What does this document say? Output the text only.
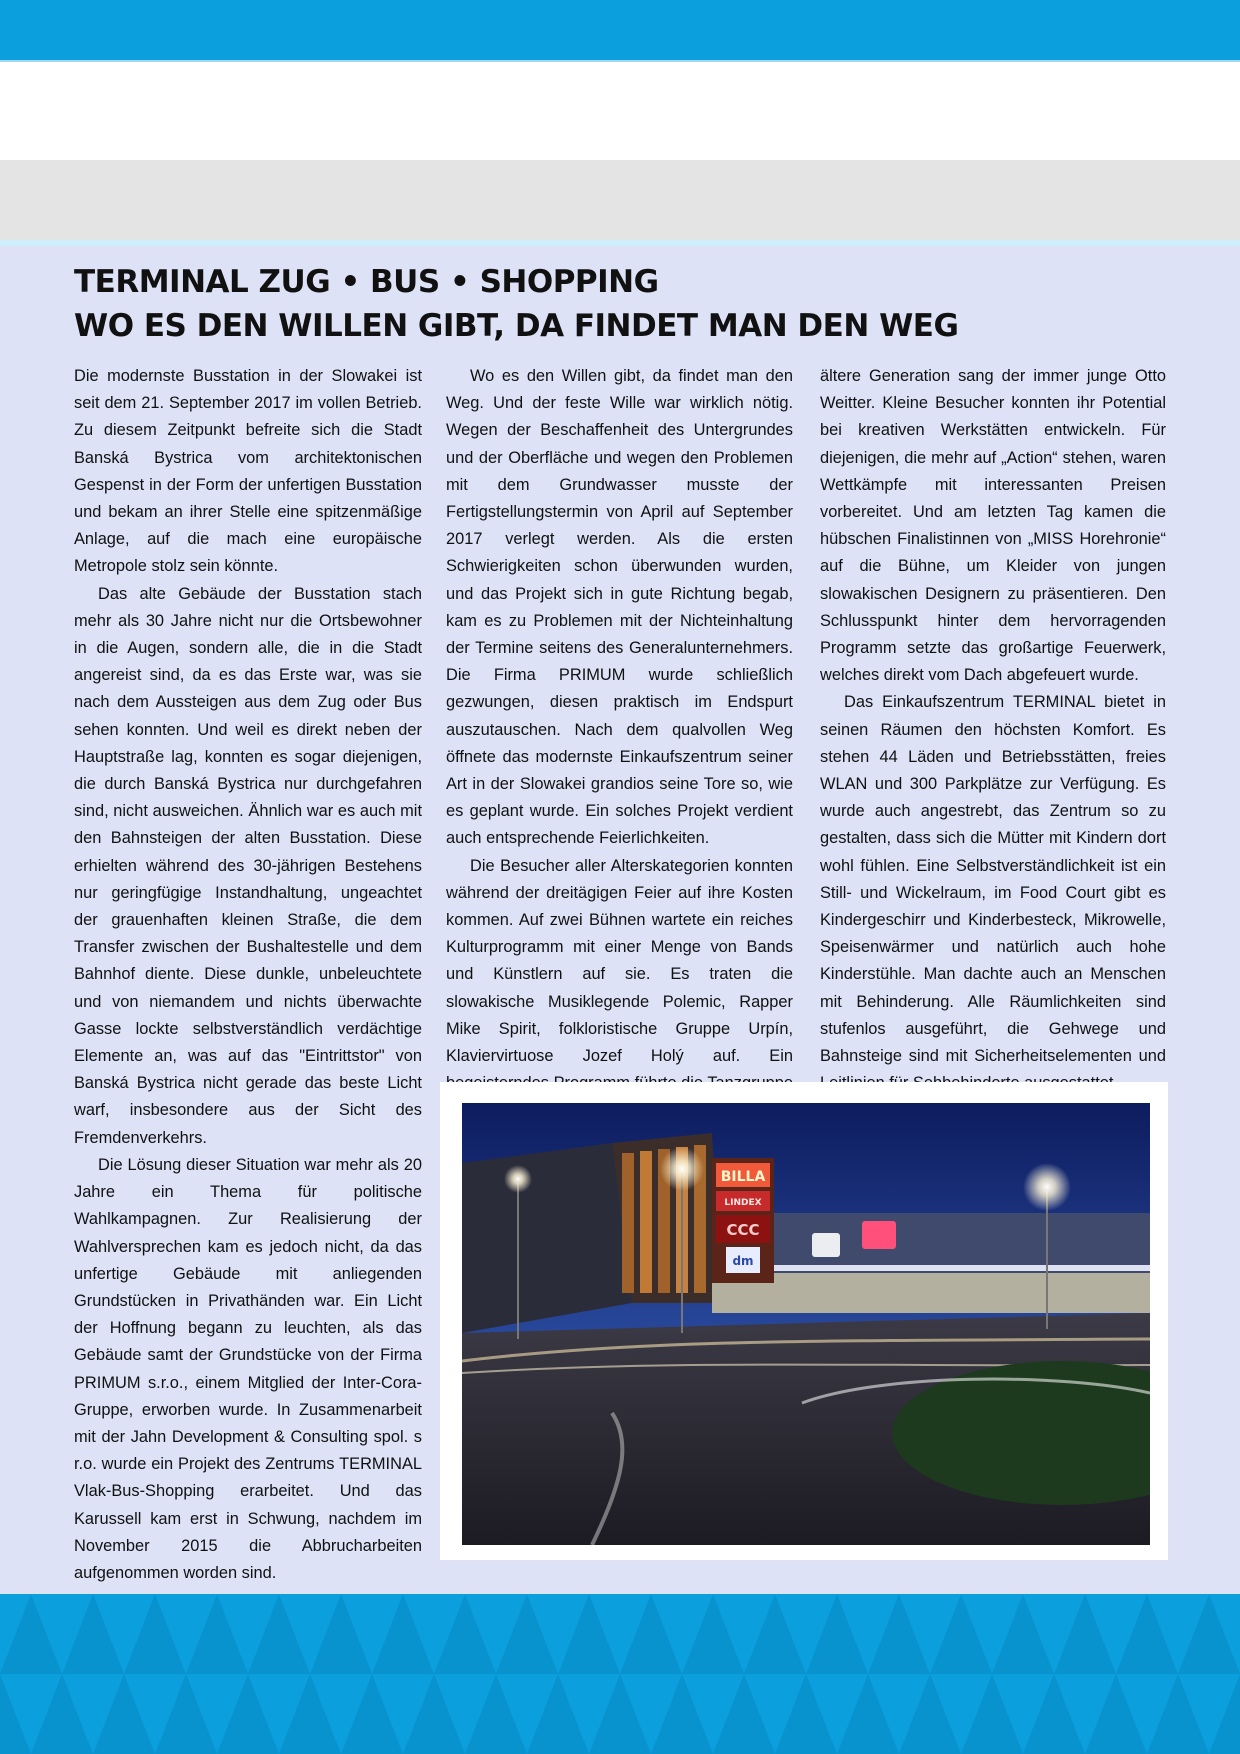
TERMINAL ZUG • BUS • SHOPPING
WO ES DEN WILLEN GIBT, DA FINDET MAN DEN WEG

Die modernste Busstation in der Slowakei ist seit dem 21. September 2017 im vollen Betrieb. Zu diesem Zeitpunkt befreite sich die Stadt Banská Bystrica vom architektonischen Gespenst in der Form der unfertigen Busstation und bekam an ihrer Stelle eine spitzenmäßige Anlage, auf die mach eine europäische Metropole stolz sein könnte.

Das alte Gebäude der Busstation stach mehr als 30 Jahre nicht nur die Ortsbewohner in die Augen, sondern alle, die in die Stadt angereist sind, da es das Erste war, was sie nach dem Aussteigen aus dem Zug oder Bus sehen konnten. Und weil es direkt neben der Hauptstraße lag, konnten es sogar diejenigen, die durch Banská Bystrica nur durchgefahren sind, nicht ausweichen. Ähnlich war es auch mit den Bahnsteigen der alten Busstation. Diese erhielten während des 30-jährigen Bestehens nur geringfügige Instandhaltung, ungeachtet der grauenhaften kleinen Straße, die dem Transfer zwischen der Bushaltestelle und dem Bahnhof diente. Diese dunkle, unbeleuchtete und von niemandem und nichts überwachte Gasse lockte selbstverständlich verdächtige Elemente an, was auf das "Eintrittstor" von Banská Bystrica nicht gerade das beste Licht warf, insbesondere aus der Sicht des Fremdenverkehrs.

Die Lösung dieser Situation war mehr als 20 Jahre ein Thema für politische Wahlkampagnen. Zur Realisierung der Wahlversprechen kam es jedoch nicht, da das unfertige Gebäude mit anliegenden Grundstücken in Privathänden war. Ein Licht der Hoffnung begann zu leuchten, als das Gebäude samt der Grundstücke von der Firma PRIMUM s.r.o., einem Mitglied der Inter-Cora-Gruppe, erworben wurde. In Zusammenarbeit mit der Jahn Development & Consulting spol. s r.o. wurde ein Projekt des Zentrums TERMINAL Vlak-Bus-Shopping erarbeitet. Und das Karussell kam erst in Schwung, nachdem im November 2015 die Abbrucharbeiten aufgenommen worden sind.

Wo es den Willen gibt, da findet man den Weg. Und der feste Wille war wirklich nötig. Wegen der Beschaffenheit des Untergrundes und der Oberfläche und wegen den Problemen mit dem Grundwasser musste der Fertigstellungstermin von April auf September 2017 verlegt werden. Als die ersten Schwierigkeiten schon überwunden wurden, und das Projekt sich in gute Richtung begab, kam es zu Problemen mit der Nichteinhaltung der Termine seitens des Generalunternehmers. Die Firma PRIMUM wurde schließlich gezwungen, diesen praktisch im Endspurt auszutauschen. Nach dem qualvollen Weg öffnete das modernste Einkaufszentrum seiner Art in der Slowakei grandios seine Tore so, wie es geplant wurde. Ein solches Projekt verdient auch entsprechende Feierlichkeiten.

Die Besucher aller Alterskategorien konnten während der dreitägigen Feier auf ihre Kosten kommen. Auf zwei Bühnen wartete ein reiches Kulturprogramm mit einer Menge von Bands und Künstlern auf sie. Es traten die slowakische Musiklegende Polemic, Rapper Mike Spirit, folkloristische Gruppe Urpín, Klaviervirtuose Jozef Holý auf. Ein

ältere Generation sang der immer junge Otto Weitter. Kleine Besucher konnten ihr Potential bei kreativen Werkstätten entwickeln. Für diejenigen, die mehr auf „Action“ stehen, waren Wettkämpfe mit interessanten Preisen vorbereitet. Und am letzten Tag kamen die hübschen Finalistinnen von „MISS Horehronie“ auf die Bühne, um Kleider von jungen slowakischen Designern zu präsentieren. Den Schlusspunkt hinter dem hervorragenden Programm setzte das großartige Feuerwerk, welches direkt vom Dach abgefeuert wurde.

Das Einkaufszentrum TERMINAL bietet in seinen Räumen den höchsten Komfort. Es stehen 44 Läden und Betriebsstätten, freies WLAN und 300 Parkplätze zur Verfügung. Es wurde auch angestrebt, das Zentrum so zu gestalten, dass sich die Mütter mit Kindern dort wohl fühlen. Eine Selbstverständlichkeit ist ein Still- und Wickelraum, im Food Court gibt es Kindergeschirr und Kinderbesteck, Mikrowelle, Speisenwärmer und natürlich auch hohe Kinderstühle. Man dachte auch an Menschen mit Behinderung. Alle Räumlichkeiten sind stufenlos ausgeführt, die Gehwege und Bahnsteige sind mit Sicherheitselementen und

BILLA
LINDEX
CCC
dm
